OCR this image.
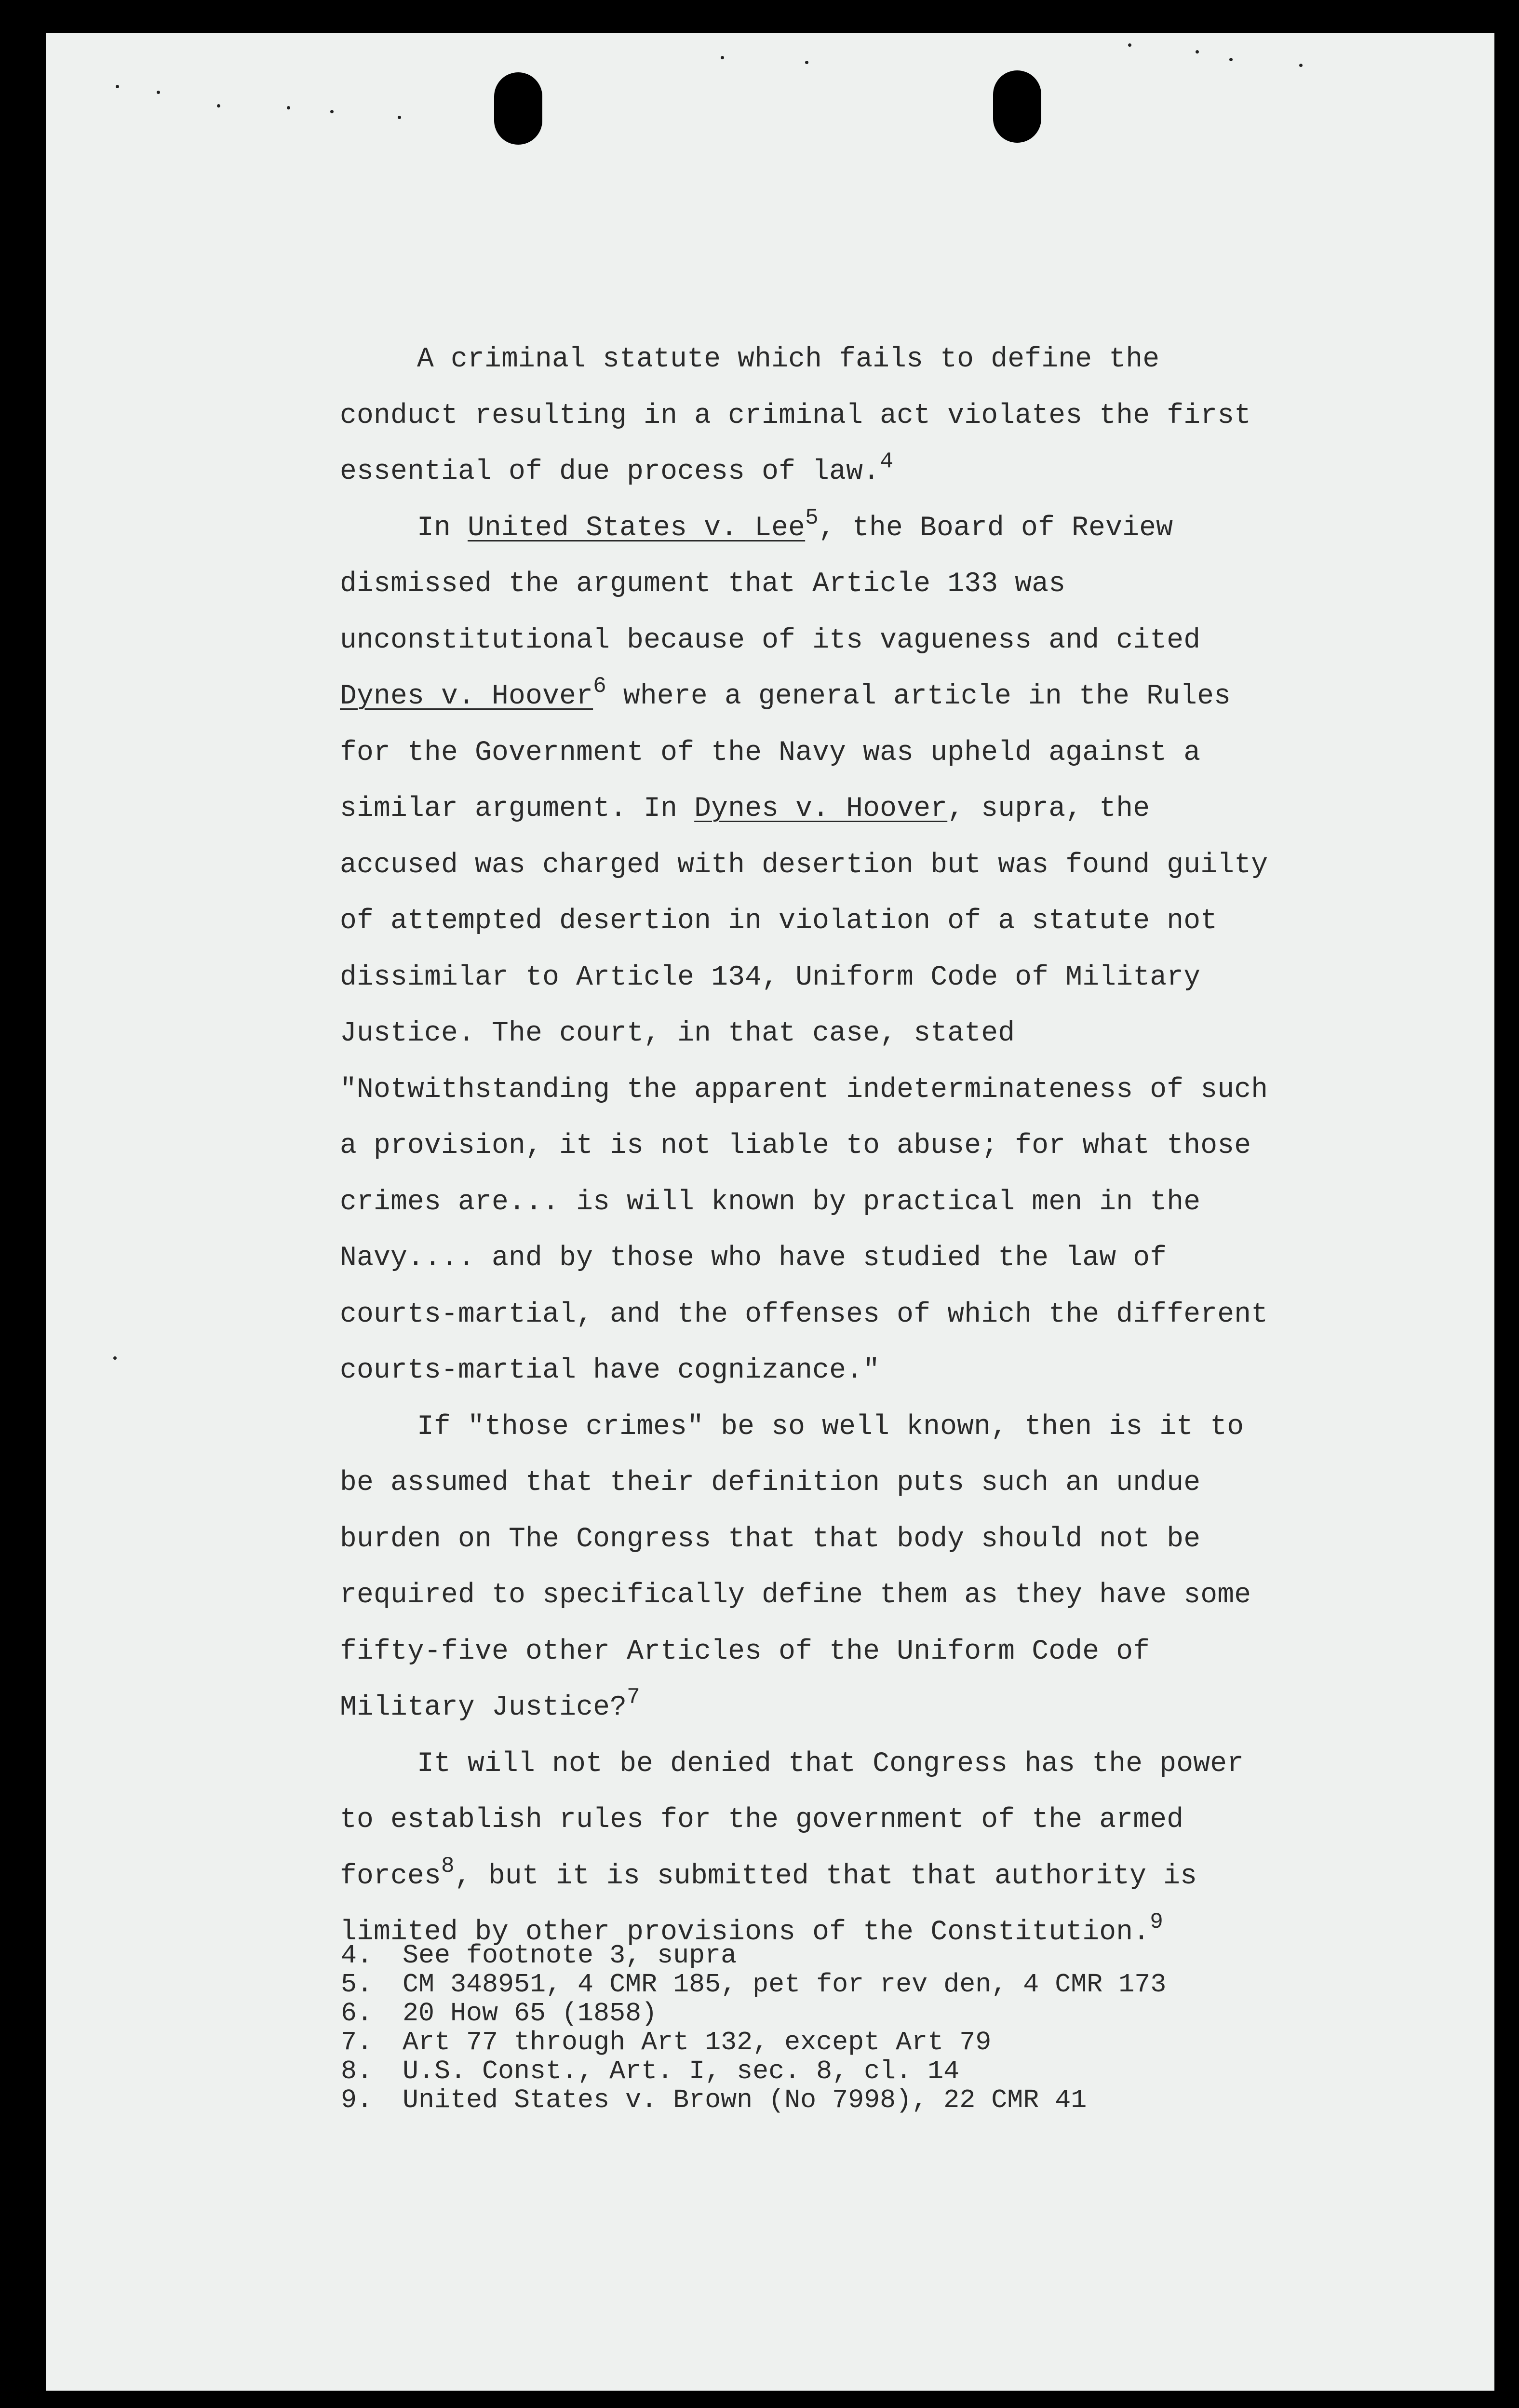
A criminal statute which fails to define the conduct resulting in a criminal act violates the first essential of due process of law.$^4$

In United States v. Lee$^5$, the Board of Review dismissed the argument that Article 133 was unconstitutional because of its vagueness and cited Dynes v. Hoover$^6$ where a general article in the Rules for the Government of the Navy was upheld against a similar argument. In Dynes v. Hoover, supra, the accused was charged with desertion but was found guilty of attempted desertion in violation of a statute not dissimilar to Article 134, Uniform Code of Military Justice. The court, in that case, stated "Notwithstanding the apparent indeterminateness of such a provision, it is not liable to abuse; for what those crimes are... is will known by practical men in the Navy.... and by those who have studied the law of courts-martial, and the offenses of which the different courts-martial have cognizance."

If "those crimes" be so well known, then is it to be assumed that their definition puts such an undue burden on The Congress that that body should not be required to specifically define them as they have some fifty-five other Articles of the Uniform Code of Military Justice?$^7$

It will not be denied that Congress has the power to establish rules for the government of the armed forces$^8$, but it is submitted that that authority is limited by other provisions of the Constitution.$^9$

4.	See footnote 3, supra
5.	CM 348951, 4 CMR 185, pet for rev den, 4 CMR 173
6.	20 How 65 (1858)
7.	Art 77 through Art 132, except Art 79
8.	U.S. Const., Art. I, sec. 8, cl. 14
9.	United States v. Brown (No 7998), 22 CMR 41
